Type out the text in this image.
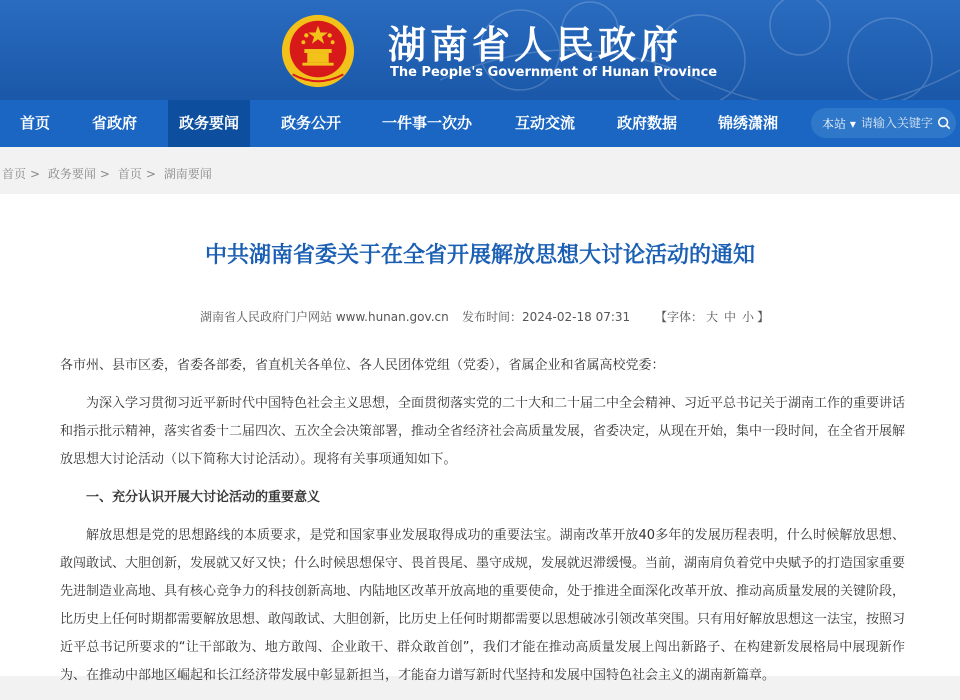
湖南省人民政府
The People's Government of Hunan Province
首页	省政府	政务要闻	政务公开	一件事一次办	互动交流	政府数据	锦绣潇湘	本站 ▾
请输入关键字
首页 > 政务要闻 > 首页 > 湖南要闻
中共湖南省委关于在全省开展解放思想大讨论活动的通知
湖南省人民政府门户网站 www.hunan.gov.cn 发布时间：2024-02-18 07:31 【字体： 大 中 小 】

各市州、县市区委，省委各部委，省直机关各单位、各人民团体党组（党委），省属企业和省属高校党委：

为深入学习贯彻习近平新时代中国特色社会主义思想，全面贯彻落实党的二十大和二十届二中全会精神、习近平总书记关于湖南工作的重要讲话和指示批示精神，落实省委十二届四次、五次全会决策部署，推动全省经济社会高质量发展，省委决定，从现在开始，集中一段时间，在全省开展解放思想大讨论活动（以下简称大讨论活动）。现将有关事项通知如下。

一、充分认识开展大讨论活动的重要意义

解放思想是党的思想路线的本质要求，是党和国家事业发展取得成功的重要法宝。湖南改革开放40多年的发展历程表明，什么时候解放思想、敢闯敢试、大胆创新，发展就又好又快；什么时候思想保守、畏首畏尾、墨守成规，发展就迟滞缓慢。当前，湖南肩负着党中央赋予的打造国家重要先进制造业高地、具有核心竞争力的科技创新高地、内陆地区改革开放高地的重要使命，处于推进全面深化改革开放、推动高质量发展的关键阶段，比历史上任何时期都需要解放思想、敢闯敢试、大胆创新，比历史上任何时期都需要以思想破冰引领改革突围。只有用好解放思想这一法宝，按照习近平总书记所要求的“让干部敢为、地方敢闯、企业敢干、群众敢首创”，我们才能在推动高质量发展上闯出新路子、在构建新发展格局中展现新作为、在推动中部地区崛起和长江经济带发展中彰显新担当，才能奋力谱写新时代坚持和发展中国特色社会主义的湖南新篇章。
